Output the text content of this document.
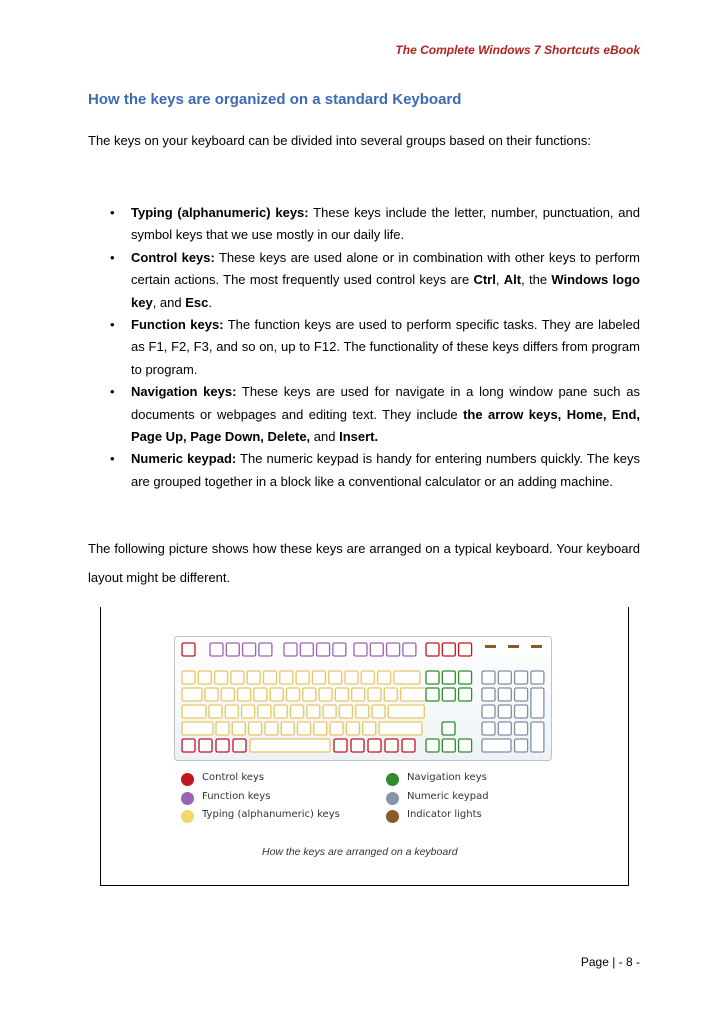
The Complete Windows 7 Shortcuts eBook
How the keys are organized on a standard Keyboard
The keys on your keyboard can be divided into several groups based on their functions:
• Typing (alphanumeric) keys: These keys include the letter, number, punctuation, and symbol keys that we use mostly in our daily life.
• Control keys: These keys are used alone or in combination with other keys to perform certain actions. The most frequently used control keys are Ctrl, Alt, the Windows logo key, and Esc.
• Function keys: The function keys are used to perform specific tasks. They are labeled as F1, F2, F3, and so on, up to F12. The functionality of these keys differs from program to program.
• Navigation keys: These keys are used for navigate in a long window pane such as documents or webpages and editing text. They include the arrow keys, Home, End, Page Up, Page Down, Delete, and Insert.
• Numeric keypad: The numeric keypad is handy for entering numbers quickly. The keys are grouped together in a block like a conventional calculator or an adding machine.
The following picture shows how these keys are arranged on a typical keyboard. Your keyboard layout might be different.
Control keys
Function keys
Typing (alphanumeric) keys
Navigation keys
Numeric keypad
Indicator lights
How the keys are arranged on a keyboard
Page | - 8 -
